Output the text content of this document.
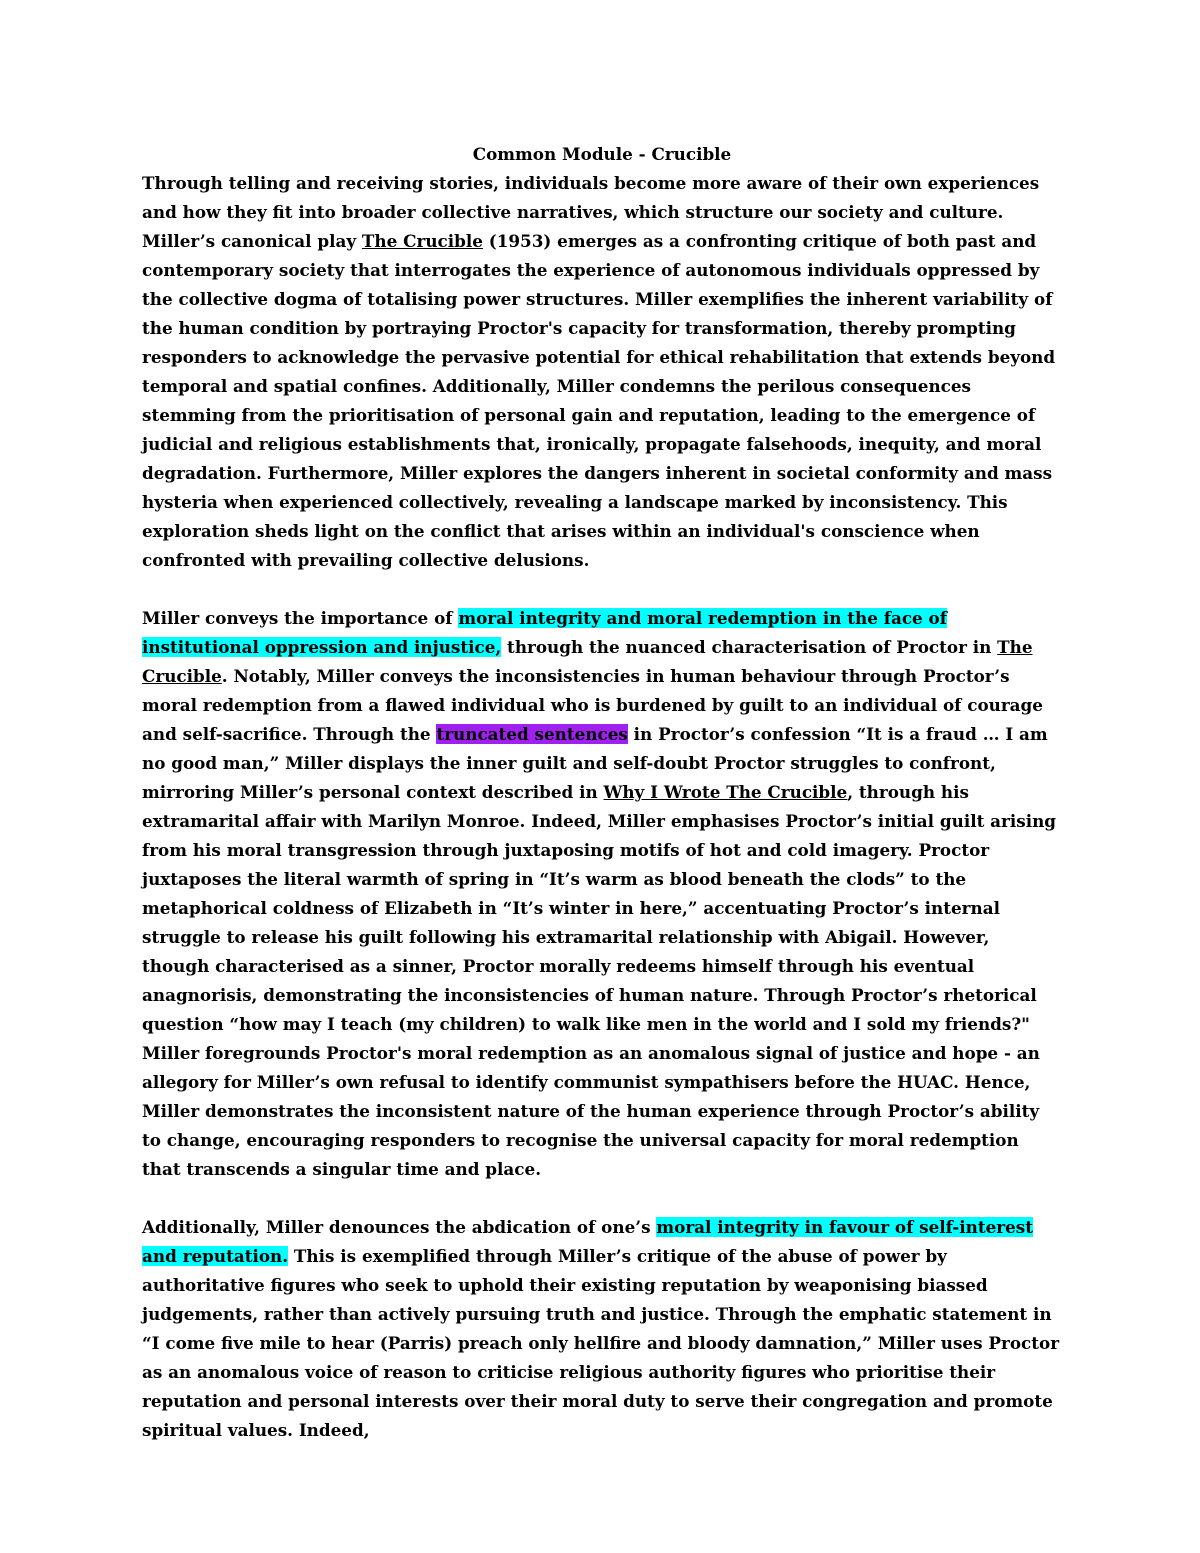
Common Module - Crucible

Through telling and receiving stories, individuals become more aware of their own experiences and how they fit into broader collective narratives, which structure our society and culture. Miller’s canonical play The Crucible (1953) emerges as a confronting critique of both past and contemporary society that interrogates the experience of autonomous individuals oppressed by the collective dogma of totalising power structures. Miller exemplifies the inherent variability of the human condition by portraying Proctor's capacity for transformation, thereby prompting responders to acknowledge the pervasive potential for ethical rehabilitation that extends beyond temporal and spatial confines. Additionally, Miller condemns the perilous consequences stemming from the prioritisation of personal gain and reputation, leading to the emergence of judicial and religious establishments that, ironically, propagate falsehoods, inequity, and moral degradation. Furthermore, Miller explores the dangers inherent in societal conformity and mass hysteria when experienced collectively, revealing a landscape marked by inconsistency. This exploration sheds light on the conflict that arises within an individual's conscience when confronted with prevailing collective delusions.

Miller conveys the importance of moral integrity and moral redemption in the face of institutional oppression and injustice, through the nuanced characterisation of Proctor in The Crucible. Notably, Miller conveys the inconsistencies in human behaviour through Proctor’s moral redemption from a flawed individual who is burdened by guilt to an individual of courage and self-sacrifice. Through the truncated sentences in Proctor’s confession “It is a fraud … I am no good man,” Miller displays the inner guilt and self-doubt Proctor struggles to confront, mirroring Miller’s personal context described in Why I Wrote The Crucible, through his extramarital affair with Marilyn Monroe. Indeed, Miller emphasises Proctor’s initial guilt arising from his moral transgression through juxtaposing motifs of hot and cold imagery. Proctor juxtaposes the literal warmth of spring in “It’s warm as blood beneath the clods” to the metaphorical coldness of Elizabeth in “It’s winter in here,” accentuating Proctor’s internal struggle to release his guilt following his extramarital relationship with Abigail. However, though characterised as a sinner, Proctor morally redeems himself through his eventual anagnorisis, demonstrating the inconsistencies of human nature. Through Proctor’s rhetorical question “how may I teach (my children) to walk like men in the world and I sold my friends?" Miller foregrounds Proctor's moral redemption as an anomalous signal of justice and hope - an allegory for Miller’s own refusal to identify communist sympathisers before the HUAC. Hence, Miller demonstrates the inconsistent nature of the human experience through Proctor’s ability to change, encouraging responders to recognise the universal capacity for moral redemption that transcends a singular time and place.

Additionally, Miller denounces the abdication of one’s moral integrity in favour of self-interest and reputation. This is exemplified through Miller’s critique of the abuse of power by authoritative figures who seek to uphold their existing reputation by weaponising biassed judgements, rather than actively pursuing truth and justice. Through the emphatic statement in “I come five mile to hear (Parris) preach only hellfire and bloody damnation,” Miller uses Proctor as an anomalous voice of reason to criticise religious authority figures who prioritise their reputation and personal interests over their moral duty to serve their congregation and promote spiritual values. Indeed,
